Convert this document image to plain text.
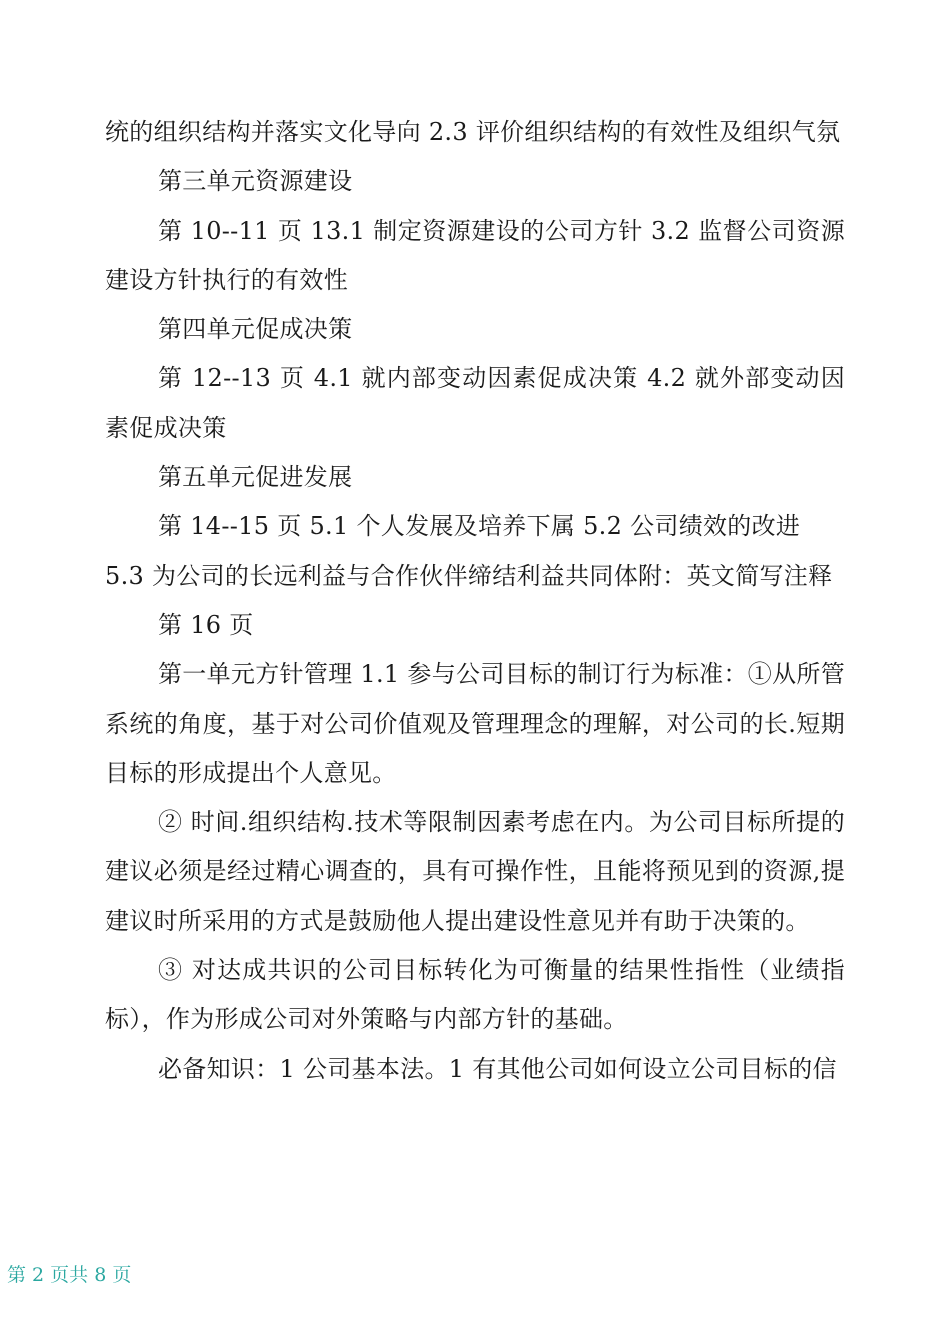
统的组织结构并落实文化导向 2.3 评价组织结构的有效性及组织气氛

第三单元资源建设

第 10--11 页 13.1 制定资源建设的公司方针 3.2 监督公司资源建设方针执行的有效性

第四单元促成决策

第 12--13 页 4.1 就内部变动因素促成决策 4.2 就外部变动因素促成决策

第五单元促进发展

第 14--15 页 5.1 个人发展及培养下属 5.2 公司绩效的改进

5.3 为公司的长远利益与合作伙伴缔结利益共同体附：英文简写注释

第 16 页

第一单元方针管理 1.1 参与公司目标的制订行为标准：①从所管系统的角度，基于对公司价值观及管理理念的理解，对公司的长.短期目标的形成提出个人意见。

② 时间.组织结构.技术等限制因素考虑在内。为公司目标所提的建议必须是经过精心调查的，具有可操作性，且能将预见到的资源,提建议时所采用的方式是鼓励他人提出建设性意见并有助于决策的。

③ 对达成共识的公司目标转化为可衡量的结果性指性（业绩指标），作为形成公司对外策略与内部方针的基础。

必备知识：1 公司基本法。1 有其他公司如何设立公司目标的信

第 2 页共 8 页
